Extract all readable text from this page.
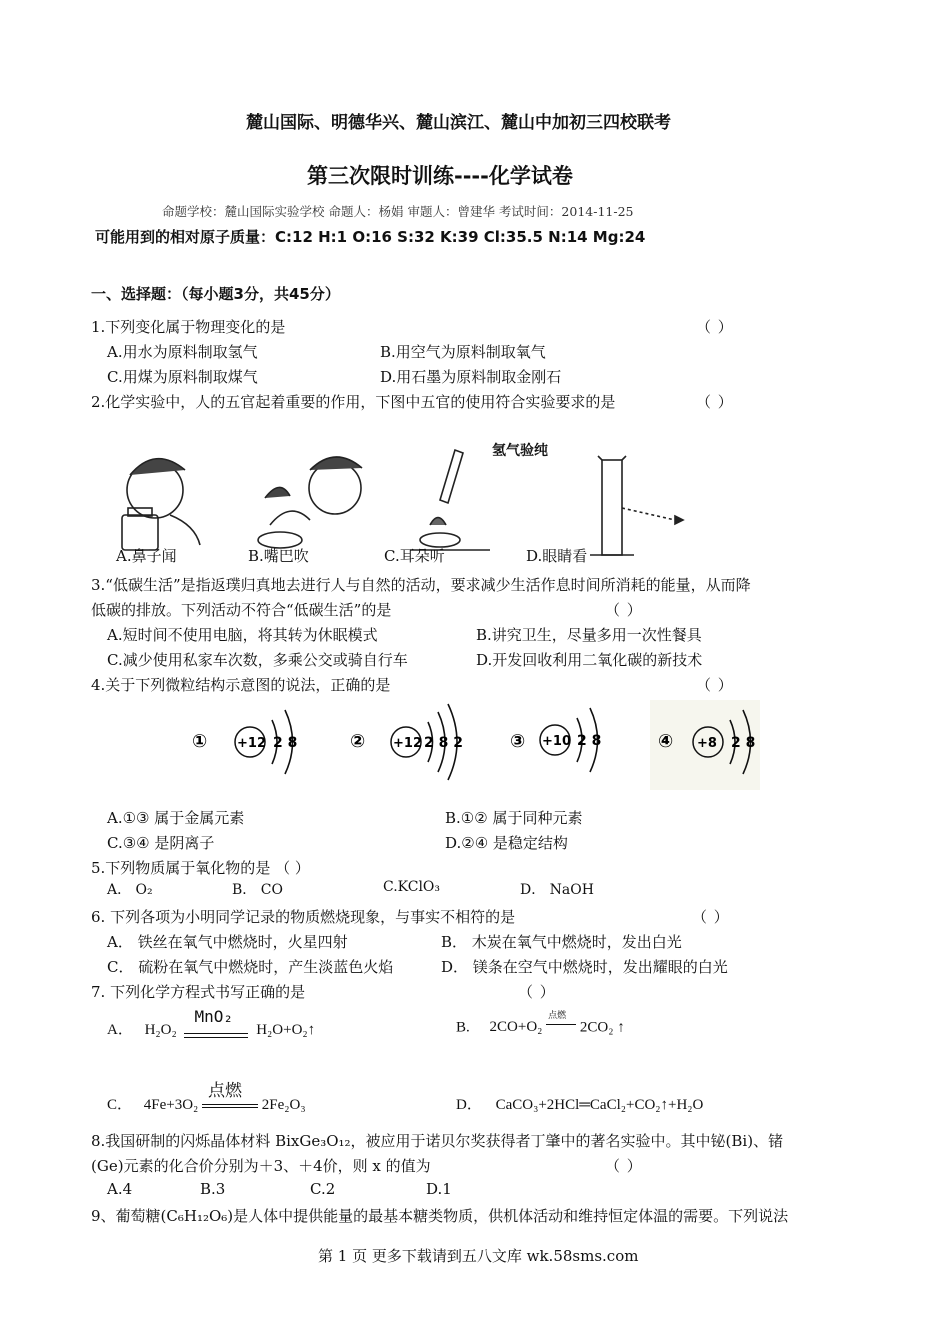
麓山国际、明德华兴、麓山滨江、麓山中加初三四校联考
第三次限时训练----化学试卷
命题学校：麓山国际实验学校 命题人：杨娟 审题人：曾建华 考试时间：2014-11-25
可能用到的相对原子质量：C:12 H:1 O:16 S:32 K:39 Cl:35.5 N:14 Mg:24
一、选择题：（每小题3分，共45分）
1.下列变化属于物理变化的是	（ ）
A.用水为原料制取氢气	B.用空气为原料制取氧气
C.用煤为原料制取煤气	D.用石墨为原料制取金刚石
2.化学实验中，人的五官起着重要的作用，下图中五官的使用符合实验要求的是	（ ）
氢气验纯
A.鼻子闻	B.嘴巴吹	C.耳朵听	D.眼睛看
3.“低碳生活”是指返璞归真地去进行人与自然的活动，要求减少生活作息时间所消耗的能量，从而降
低碳的排放。下列活动不符合“低碳生活”的是	（ ）
A.短时间不使用电脑，将其转为休眠模式	B.讲究卫生，尽量多用一次性餐具
C.减少使用私家车次数，多乘公交或骑自行车	D.开发回收利用二氧化碳的新技术
4.关于下列微粒结构示意图的说法，正确的是	（ ）
① +12 2 8	② +12 2 8 2	③ +10 2 8	④ +8 2 8
A.①③ 属于金属元素	B.①② 属于同种元素
C.③④ 是阴离子	D.②④ 是稳定结构
5.下列物质属于氧化物的是 （ ）
A． O₂	B． CO	C.KClO₃	D． NaOH
6. 下列各项为小明同学记录的物质燃烧现象，与事实不相符的是	（ ）
A． 铁丝在氧气中燃烧时，火星四射	B． 木炭在氧气中燃烧时，发出白光
C． 硫粉在氧气中燃烧时，产生淡蓝色火焰	D． 镁条在空气中燃烧时，发出耀眼的白光
7. 下列化学方程式书写正确的是	（ ）
A． H₂O₂
MnO₂
H₂O+O₂↑	B. 2CO+O₂
点燃
2CO₂ ↑
C． 4Fe+3O₂
点燃
2Fe₂O₃	D． CaCO₃+2HCl═CaCl₂+CO₂↑+H₂O
8.我国研制的闪烁晶体材料 BixGe₃O₁₂，被应用于诺贝尔奖获得者丁肇中的著名实验中。其中铋(Bi)、锗
(Ge)元素的化合价分别为＋3、＋4价，则 x 的值为	（ ）
A.4	B.3	C.2	D.1
9、葡萄糖(C₆H₁₂O₆)是人体中提供能量的最基本糖类物质，供机体活动和维持恒定体温的需要。下列说法
第 1 页 更多下载请到五八文库 wk.58sms.com
